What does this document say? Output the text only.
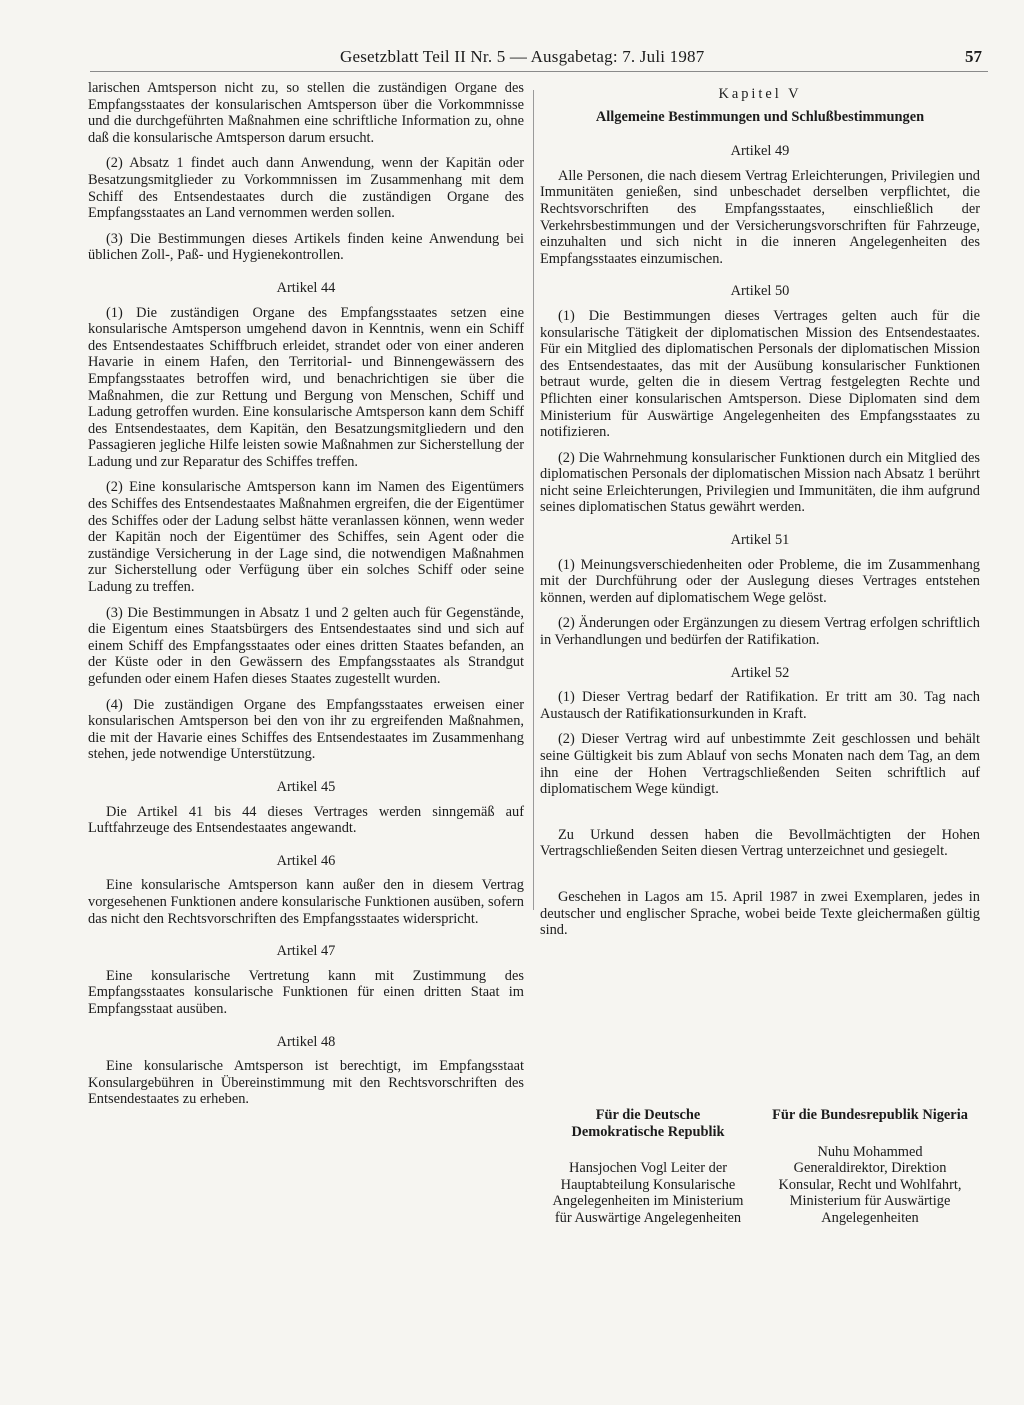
Gesetzblatt Teil II Nr. 5 — Ausgabetag: 7. Juli 1987	57

larischen Amtsperson nicht zu, so stellen die zuständigen Organe des Empfangsstaates der konsularischen Amtsperson über die Vorkommnisse und die durchgeführten Maßnahmen eine schriftliche Information zu, ohne daß die konsularische Amtsperson darum ersucht.

(2) Absatz 1 findet auch dann Anwendung, wenn der Kapitän oder Besatzungsmitglieder zu Vorkommnissen im Zusammenhang mit dem Schiff des Entsendestaates durch die zuständigen Organe des Empfangsstaates an Land vernommen werden sollen.

(3) Die Bestimmungen dieses Artikels finden keine Anwendung bei üblichen Zoll-, Paß- und Hygienekontrollen.

Artikel 44

(1) Die zuständigen Organe des Empfangsstaates setzen eine konsularische Amtsperson umgehend davon in Kenntnis, wenn ein Schiff des Entsendestaates Schiffbruch erleidet, strandet oder von einer anderen Havarie in einem Hafen, den Territorial- und Binnengewässern des Empfangsstaates betroffen wird, und benachrichtigen sie über die Maßnahmen, die zur Rettung und Bergung von Menschen, Schiff und Ladung getroffen wurden. Eine konsularische Amtsperson kann dem Schiff des Entsendestaates, dem Kapitän, den Besatzungsmitgliedern und den Passagieren jegliche Hilfe leisten sowie Maßnahmen zur Sicherstellung der Ladung und zur Reparatur des Schiffes treffen.

(2) Eine konsularische Amtsperson kann im Namen des Eigentümers des Schiffes des Entsendestaates Maßnahmen ergreifen, die der Eigentümer des Schiffes oder der Ladung selbst hätte veranlassen können, wenn weder der Kapitän noch der Eigentümer des Schiffes, sein Agent oder die zuständige Versicherung in der Lage sind, die notwendigen Maßnahmen zur Sicherstellung oder Verfügung über ein solches Schiff oder seine Ladung zu treffen.

(3) Die Bestimmungen in Absatz 1 und 2 gelten auch für Gegenstände, die Eigentum eines Staatsbürgers des Entsendestaates sind und sich auf einem Schiff des Empfangsstaates oder eines dritten Staates befanden, an der Küste oder in den Gewässern des Empfangsstaates als Strandgut gefunden oder einem Hafen dieses Staates zugestellt wurden.

(4) Die zuständigen Organe des Empfangsstaates erweisen einer konsularischen Amtsperson bei den von ihr zu ergreifenden Maßnahmen, die mit der Havarie eines Schiffes des Entsendestaates im Zusammenhang stehen, jede notwendige Unterstützung.

Artikel 45

Die Artikel 41 bis 44 dieses Vertrages werden sinngemäß auf Luftfahrzeuge des Entsendestaates angewandt.

Artikel 46

Eine konsularische Amtsperson kann außer den in diesem Vertrag vorgesehenen Funktionen andere konsularische Funktionen ausüben, sofern das nicht den Rechtsvorschriften des Empfangsstaates widerspricht.

Artikel 47

Eine konsularische Vertretung kann mit Zustimmung des Empfangsstaates konsularische Funktionen für einen dritten Staat im Empfangsstaat ausüben.

Artikel 48

Eine konsularische Amtsperson ist berechtigt, im Empfangsstaat Konsulargebühren in Übereinstimmung mit den Rechtsvorschriften des Entsendestaates zu erheben.

Kapitel V
Allgemeine Bestimmungen und Schlußbestimmungen
Artikel 49

Alle Personen, die nach diesem Vertrag Erleichterungen, Privilegien und Immunitäten genießen, sind unbeschadet derselben verpflichtet, die Rechtsvorschriften des Empfangsstaates, einschließlich der Verkehrsbestimmungen und der Versicherungsvorschriften für Fahrzeuge, einzuhalten und sich nicht in die inneren Angelegenheiten des Empfangsstaates einzumischen.

Artikel 50

(1) Die Bestimmungen dieses Vertrages gelten auch für die konsularische Tätigkeit der diplomatischen Mission des Entsendestaates. Für ein Mitglied des diplomatischen Personals der diplomatischen Mission des Entsendestaates, das mit der Ausübung konsularischer Funktionen betraut wurde, gelten die in diesem Vertrag festgelegten Rechte und Pflichten einer konsularischen Amtsperson. Diese Diplomaten sind dem Ministerium für Auswärtige Angelegenheiten des Empfangsstaates zu notifizieren.

(2) Die Wahrnehmung konsularischer Funktionen durch ein Mitglied des diplomatischen Personals der diplomatischen Mission nach Absatz 1 berührt nicht seine Erleichterungen, Privilegien und Immunitäten, die ihm aufgrund seines diplomatischen Status gewährt werden.

Artikel 51

(1) Meinungsverschiedenheiten oder Probleme, die im Zusammenhang mit der Durchführung oder der Auslegung dieses Vertrages entstehen können, werden auf diplomatischem Wege gelöst.

(2) Änderungen oder Ergänzungen zu diesem Vertrag erfolgen schriftlich in Verhandlungen und bedürfen der Ratifikation.

Artikel 52

(1) Dieser Vertrag bedarf der Ratifikation. Er tritt am 30. Tag nach Austausch der Ratifikationsurkunden in Kraft.

(2) Dieser Vertrag wird auf unbestimmte Zeit geschlossen und behält seine Gültigkeit bis zum Ablauf von sechs Monaten nach dem Tag, an dem ihn eine der Hohen Vertragschließenden Seiten schriftlich auf diplomatischem Wege kündigt.

Zu Urkund dessen haben die Bevollmächtigten der Hohen Vertragschließenden Seiten diesen Vertrag unterzeichnet und gesiegelt.

Geschehen in Lagos am 15. April 1987 in zwei Exemplaren, jedes in deutscher und englischer Sprache, wobei beide Texte gleichermaßen gültig sind.

Für die Deutsche Demokratische Republik
Hansjochen Vogl Leiter der Hauptabteilung Konsularische Angelegenheiten im Ministerium für Auswärtige Angelegenheiten
Für die Bundesrepublik Nigeria
Nuhu Mohammed Generaldirektor, Direktion Konsular, Recht und Wohlfahrt, Ministerium für Auswärtige Angelegenheiten
